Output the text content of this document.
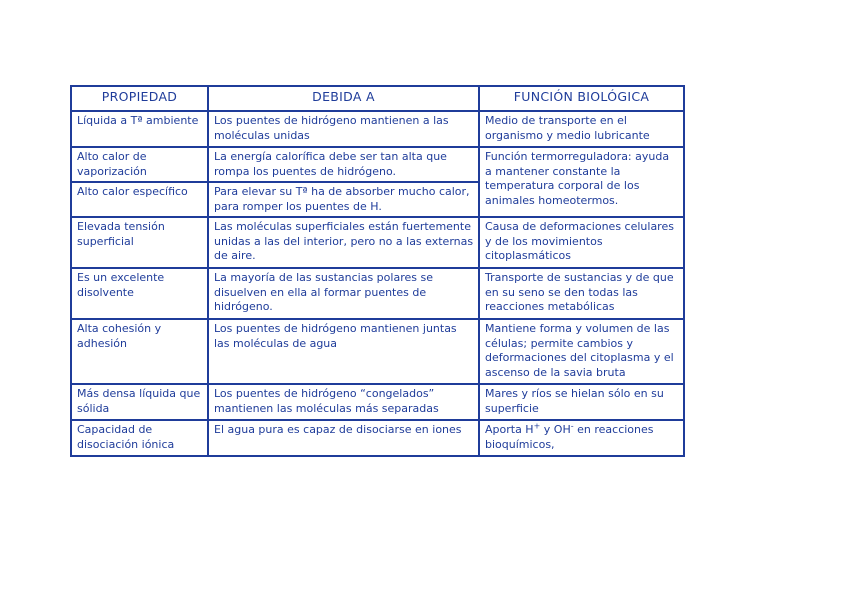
PROPIEDAD	DEBIDA A	FUNCIÓN BIOLÓGICA
Líquida a Tª ambiente	Los puentes de hidrógeno mantienen a las moléculas unidas	Medio de transporte en el organismo y medio lubricante
Alto calor de vaporización	La energía calorífica debe ser tan alta que rompa los puentes de hidrógeno.	Función termorreguladora: ayuda a mantener constante la temperatura corporal de los animales homeotermos.
Alto calor específico	Para elevar su Tª ha de absorber mucho calor, para romper los puentes de H.	
Elevada tensión superficial	Las moléculas superficiales están fuertemente unidas a las del interior, pero no a las externas de aire.	Causa de deformaciones celulares y de los movimientos citoplasmáticos
Es un excelente disolvente	La mayoría de las sustancias polares se disuelven en ella al formar puentes de hidrógeno.	Transporte de sustancias y de que en su seno se den todas las reacciones metabólicas
Alta cohesión y adhesión	Los puentes de hidrógeno mantienen juntas las moléculas de agua	Mantiene forma y volumen de las células; permite cambios y deformaciones del citoplasma y el ascenso de la savia bruta
Más densa líquida que sólida	Los puentes de hidrógeno “congelados” mantienen las moléculas más separadas	Mares y ríos se hielan sólo en su superficie
Capacidad de disociación iónica	El agua pura es capaz de disociarse en iones	Aporta H+ y OH- en reacciones bioquímicos,
